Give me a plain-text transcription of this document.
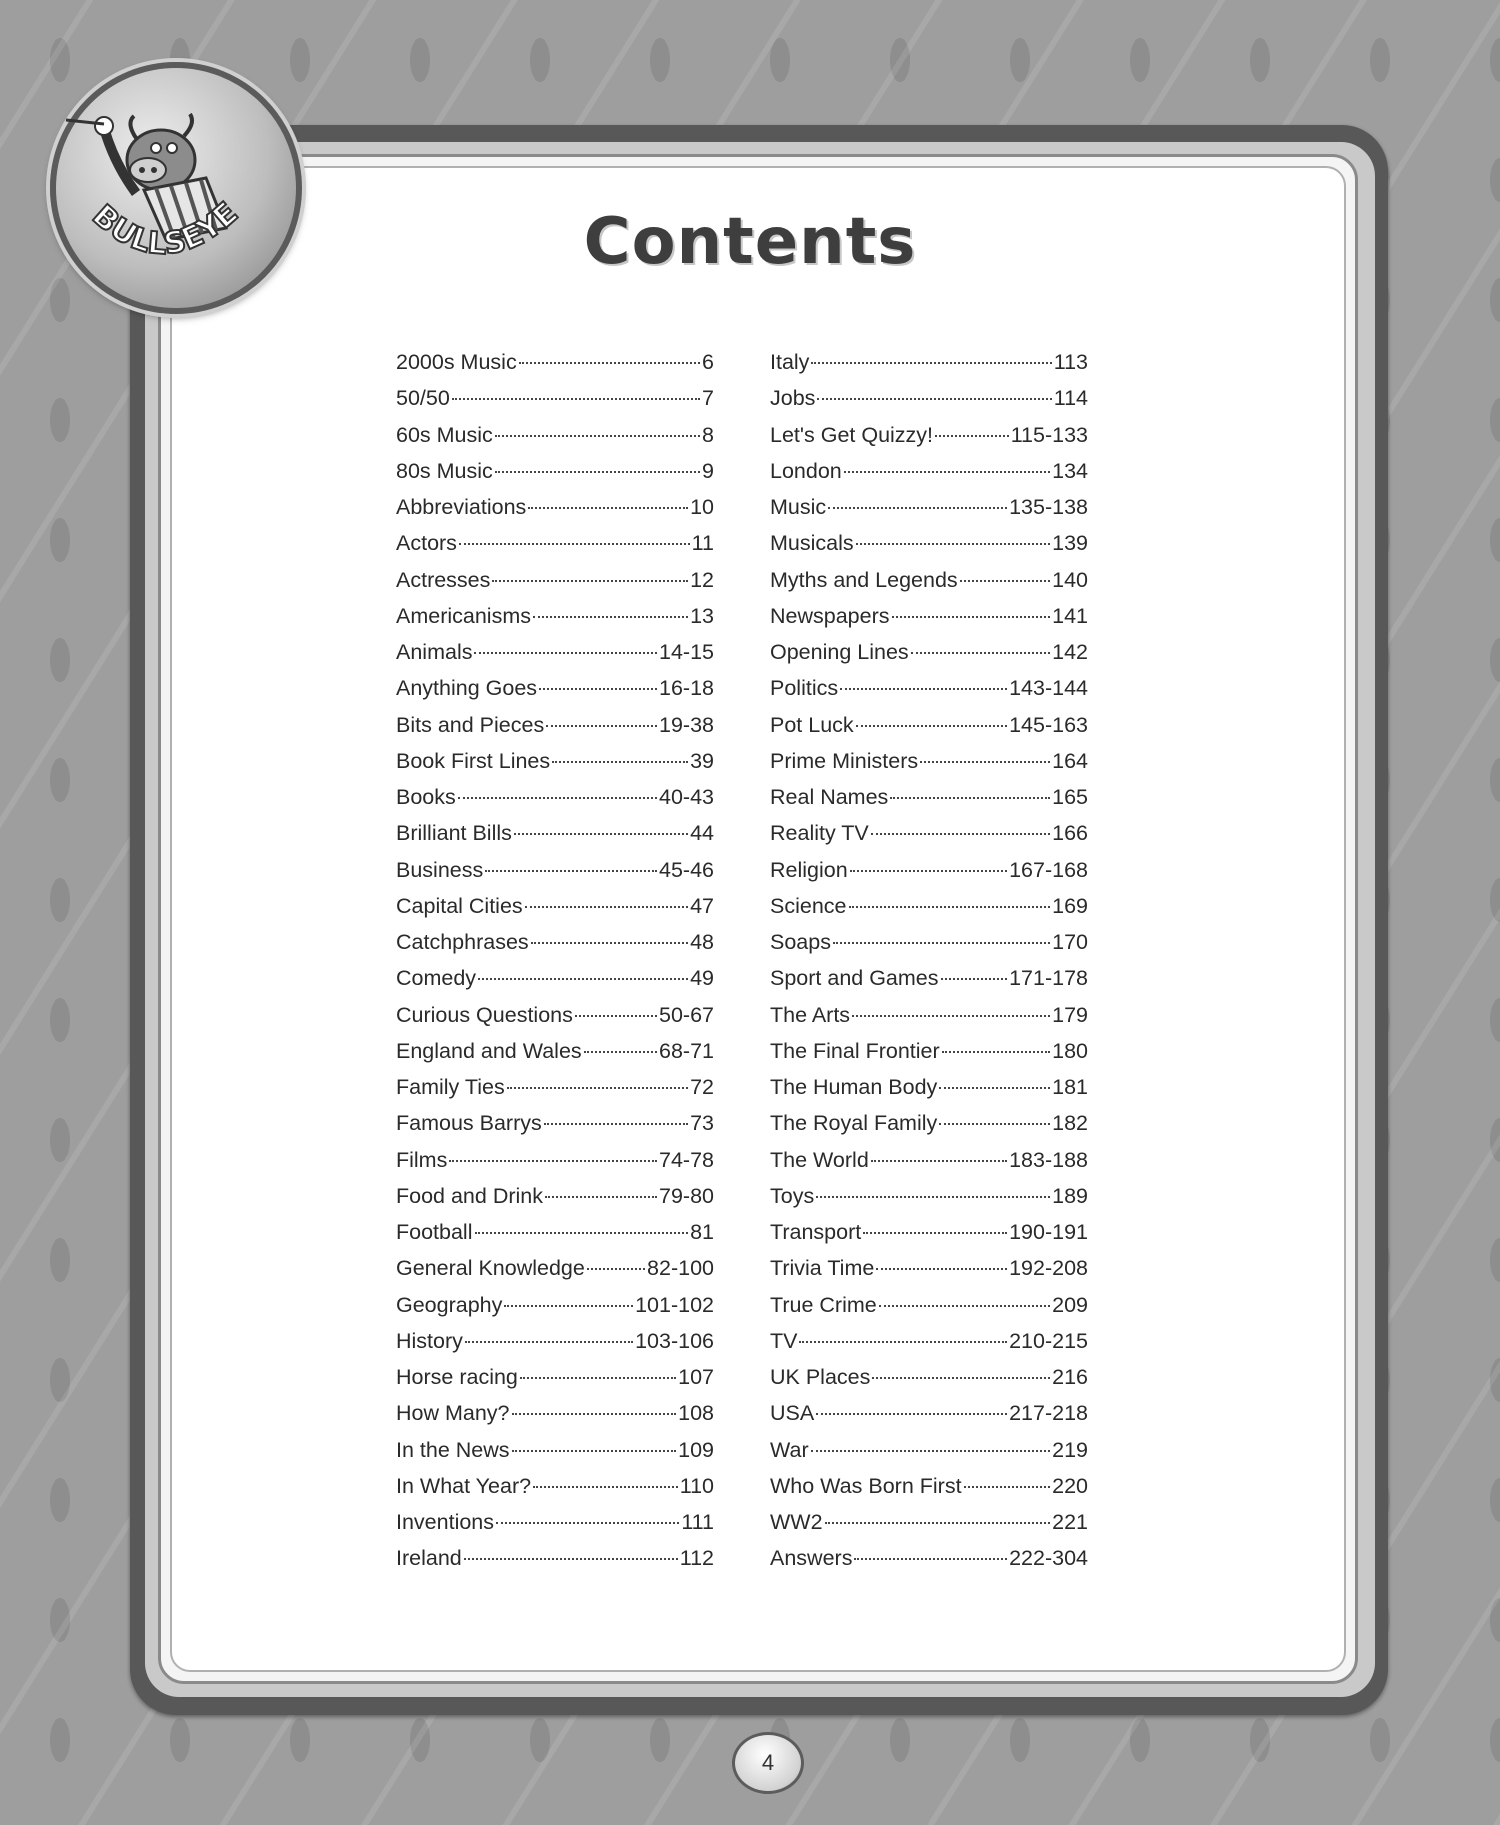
BULLSEYE	Contents
2000s Music	6
50/50	7
60s Music	8
80s Music	9
Abbreviations	10
Actors	11
Actresses	12
Americanisms	13
Animals	14-15
Anything Goes	16-18
Bits and Pieces	19-38
Book First Lines	39
Books	40-43
Brilliant Bills	44
Business	45-46
Capital Cities	47
Catchphrases	48
Comedy	49
Curious Questions	50-67
England and Wales	68-71
Family Ties	72
Famous Barrys	73
Films	74-78
Food and Drink	79-80
Football	81
General Knowledge	82-100
Geography	101-102
History	103-106
Horse racing	107
How Many?	108
In the News	109
In What Year?	110
Inventions	111
Ireland	112
Italy	113
Jobs	114
Let's Get Quizzy!	115-133
London	134
Music	135-138
Musicals	139
Myths and Legends	140
Newspapers	141
Opening Lines	142
Politics	143-144
Pot Luck	145-163
Prime Ministers	164
Real Names	165
Reality TV	166
Religion	167-168
Science	169
Soaps	170
Sport and Games	171-178
The Arts	179
The Final Frontier	180
The Human Body	181
The Royal Family	182
The World	183-188
Toys	189
Transport	190-191
Trivia Time	192-208
True Crime	209
TV	210-215
UK Places	216
USA	217-218
War	219
Who Was Born First	220
WW2	221
Answers	222-304
4
